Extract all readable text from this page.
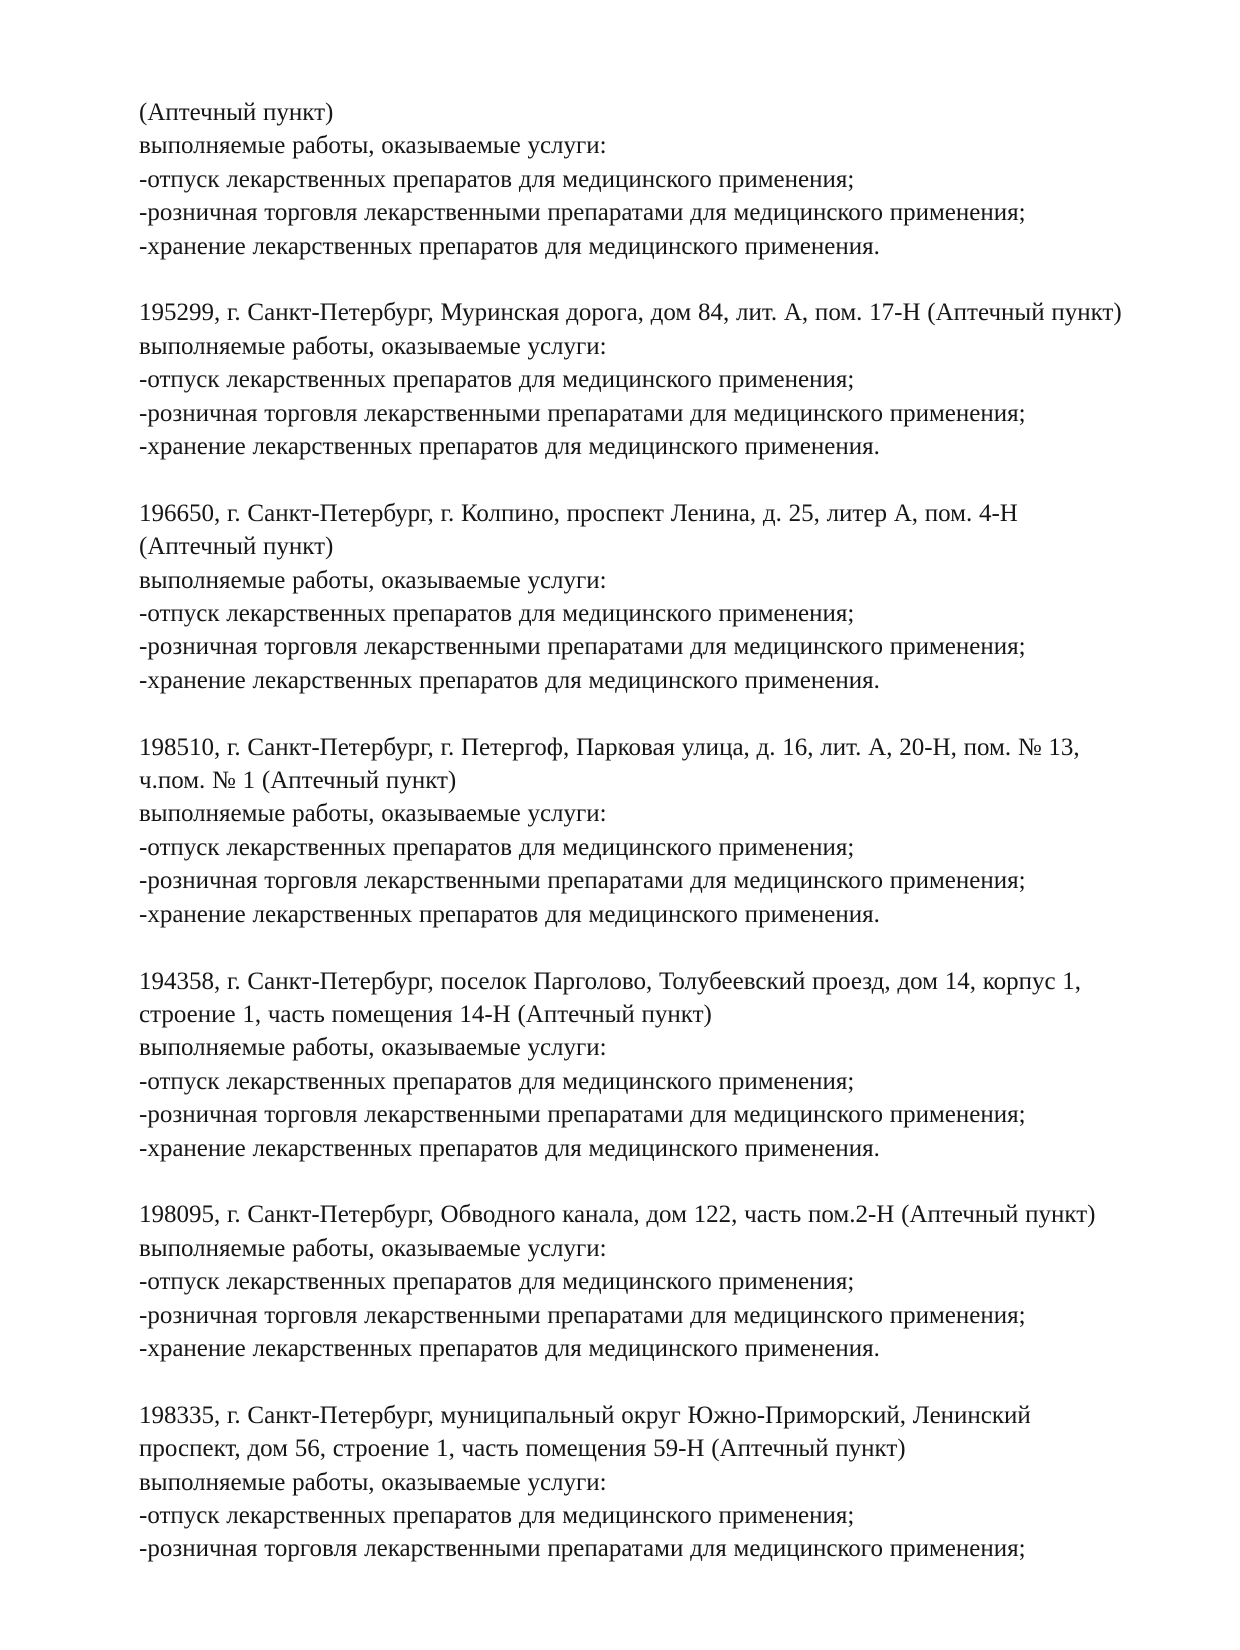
(Аптечный пункт)

выполняемые работы, оказываемые услуги:

-отпуск лекарственных препаратов для медицинского применения;

-розничная торговля лекарственными препаратами для медицинского применения;

-хранение лекарственных препаратов для медицинского применения.

195299, г. Санкт-Петербург, Муринская дорога, дом 84, лит. А, пом. 17-Н (Аптечный пункт)

выполняемые работы, оказываемые услуги:

-отпуск лекарственных препаратов для медицинского применения;

-розничная торговля лекарственными препаратами для медицинского применения;

-хранение лекарственных препаратов для медицинского применения.

196650, г. Санкт-Петербург, г. Колпино, проспект Ленина, д. 25, литер А, пом. 4-Н (Аптечный пункт)

выполняемые работы, оказываемые услуги:

-отпуск лекарственных препаратов для медицинского применения;

-розничная торговля лекарственными препаратами для медицинского применения;

-хранение лекарственных препаратов для медицинского применения.

198510, г. Санкт-Петербург, г. Петергоф, Парковая улица, д. 16, лит. А, 20-Н, пом. № 13, ч.пом. № 1 (Аптечный пункт)

выполняемые работы, оказываемые услуги:

-отпуск лекарственных препаратов для медицинского применения;

-розничная торговля лекарственными препаратами для медицинского применения;

-хранение лекарственных препаратов для медицинского применения.

194358, г. Санкт-Петербург, поселок Парголово, Толубеевский проезд, дом 14, корпус 1, строение 1, часть помещения 14-Н (Аптечный пункт)

выполняемые работы, оказываемые услуги:

-отпуск лекарственных препаратов для медицинского применения;

-розничная торговля лекарственными препаратами для медицинского применения;

-хранение лекарственных препаратов для медицинского применения.

198095, г. Санкт-Петербург, Обводного канала, дом 122, часть пом.2-Н (Аптечный пункт)

выполняемые работы, оказываемые услуги:

-отпуск лекарственных препаратов для медицинского применения;

-розничная торговля лекарственными препаратами для медицинского применения;

-хранение лекарственных препаратов для медицинского применения.

198335, г. Санкт-Петербург, муниципальный округ Южно-Приморский, Ленинский проспект, дом 56, строение 1, часть помещения 59-Н (Аптечный пункт)

выполняемые работы, оказываемые услуги:

-отпуск лекарственных препаратов для медицинского применения;

-розничная торговля лекарственными препаратами для медицинского применения;
